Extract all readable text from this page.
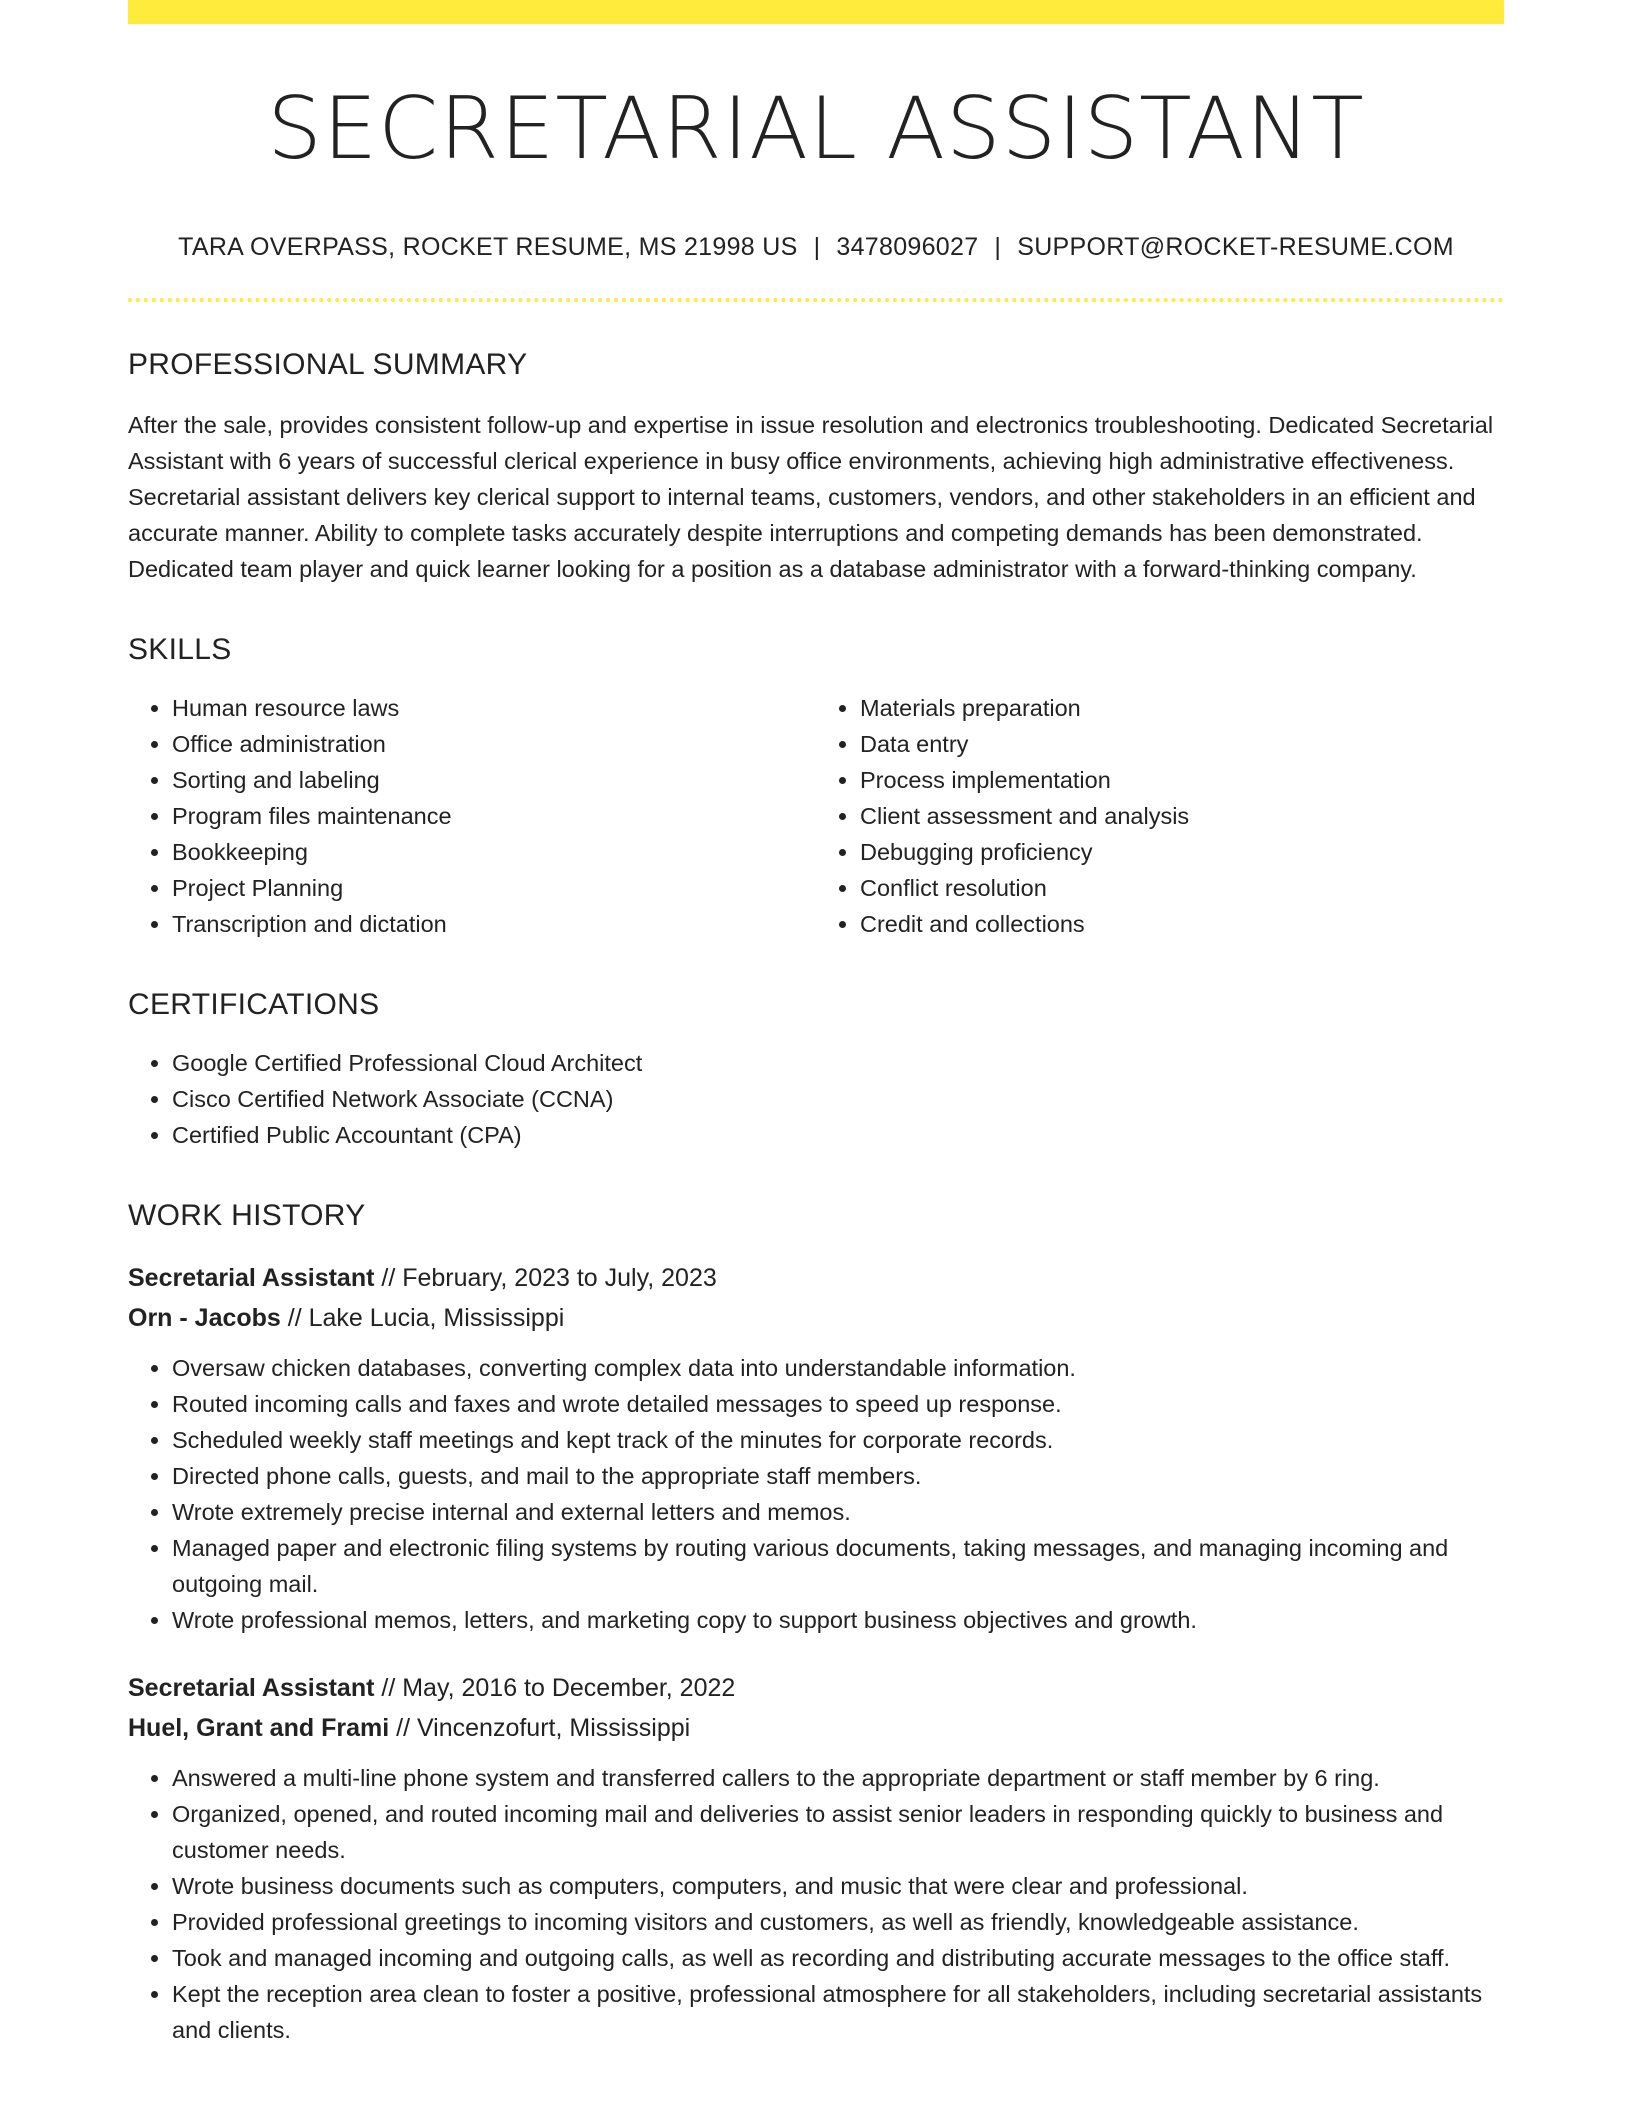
SECRETARIAL ASSISTANT
TARA OVERPASS, ROCKET RESUME, MS 21998 US | 3478096027 | SUPPORT@ROCKET-RESUME.COM
PROFESSIONAL SUMMARY

After the sale, provides consistent follow-up and expertise in issue resolution and electronics troubleshooting. Dedicated Secretarial Assistant with 6 years of successful clerical experience in busy office environments, achieving high administrative effectiveness. Secretarial assistant delivers key clerical support to internal teams, customers, vendors, and other stakeholders in an efficient and accurate manner. Ability to complete tasks accurately despite interruptions and competing demands has been demonstrated. Dedicated team player and quick learner looking for a position as a database administrator with a forward-thinking company.

SKILLS
• Human resource laws
• Office administration
• Sorting and labeling
• Program files maintenance
• Bookkeeping
• Project Planning
• Transcription and dictation
• Materials preparation
• Data entry
• Process implementation
• Client assessment and analysis
• Debugging proficiency
• Conflict resolution
• Credit and collections
CERTIFICATIONS
• Google Certified Professional Cloud Architect
• Cisco Certified Network Associate (CCNA)
• Certified Public Accountant (CPA)
WORK HISTORY
Secretarial Assistant // February, 2023 to July, 2023
Orn - Jacobs // Lake Lucia, Mississippi
• Oversaw chicken databases, converting complex data into understandable information.
• Routed incoming calls and faxes and wrote detailed messages to speed up response.
• Scheduled weekly staff meetings and kept track of the minutes for corporate records.
• Directed phone calls, guests, and mail to the appropriate staff members.
• Wrote extremely precise internal and external letters and memos.
• Managed paper and electronic filing systems by routing various documents, taking messages, and managing incoming and outgoing mail.
• Wrote professional memos, letters, and marketing copy to support business objectives and growth.
Secretarial Assistant // May, 2016 to December, 2022
Huel, Grant and Frami // Vincenzofurt, Mississippi
• Answered a multi-line phone system and transferred callers to the appropriate department or staff member by 6 ring.
• Organized, opened, and routed incoming mail and deliveries to assist senior leaders in responding quickly to business and customer needs.
• Wrote business documents such as computers, computers, and music that were clear and professional.
• Provided professional greetings to incoming visitors and customers, as well as friendly, knowledgeable assistance.
• Took and managed incoming and outgoing calls, as well as recording and distributing accurate messages to the office staff.
• Kept the reception area clean to foster a positive, professional atmosphere for all stakeholders, including secretarial assistants and clients.
